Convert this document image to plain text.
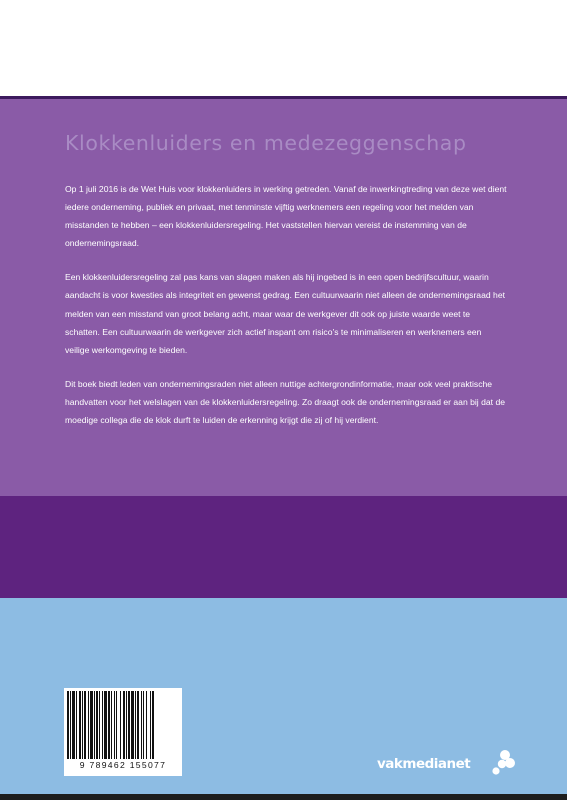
Klokkenluiders en medezeggenschap

Op 1 juli 2016 is de Wet Huis voor klokkenluiders in werking getreden. Vanaf de inwerkingtreding van deze wet dient iedere onderneming, publiek en privaat, met tenminste vijftig werknemers een regeling voor het melden van misstanden te hebben – een klokkenluidersregeling. Het vaststellen hiervan vereist de instemming van de ondernemingsraad.

Een klokkenluidersregeling zal pas kans van slagen maken als hij ingebed is in een open bedrijfscultuur, waarin aandacht is voor kwesties als integriteit en gewenst gedrag. Een cultuurwaarin niet alleen de ondernemingsraad het melden van een misstand van groot belang acht, maar waar de werkgever dit ook op juiste waarde weet te schatten. Een cultuurwaarin de werkgever zich actief inspant om risico’s te minimaliseren en werknemers een veilige werkomgeving te bieden.

Dit boek biedt leden van ondernemingsraden niet alleen nuttige achtergrondinformatie, maar ook veel praktische handvatten voor het welslagen van de klokkenluidersregeling. Zo draagt ook de ondernemingsraad er aan bij dat de moedige collega die de klok durft te luiden de erkenning krijgt die zij of hij verdient.

9 789462 155077	vakmedianet
